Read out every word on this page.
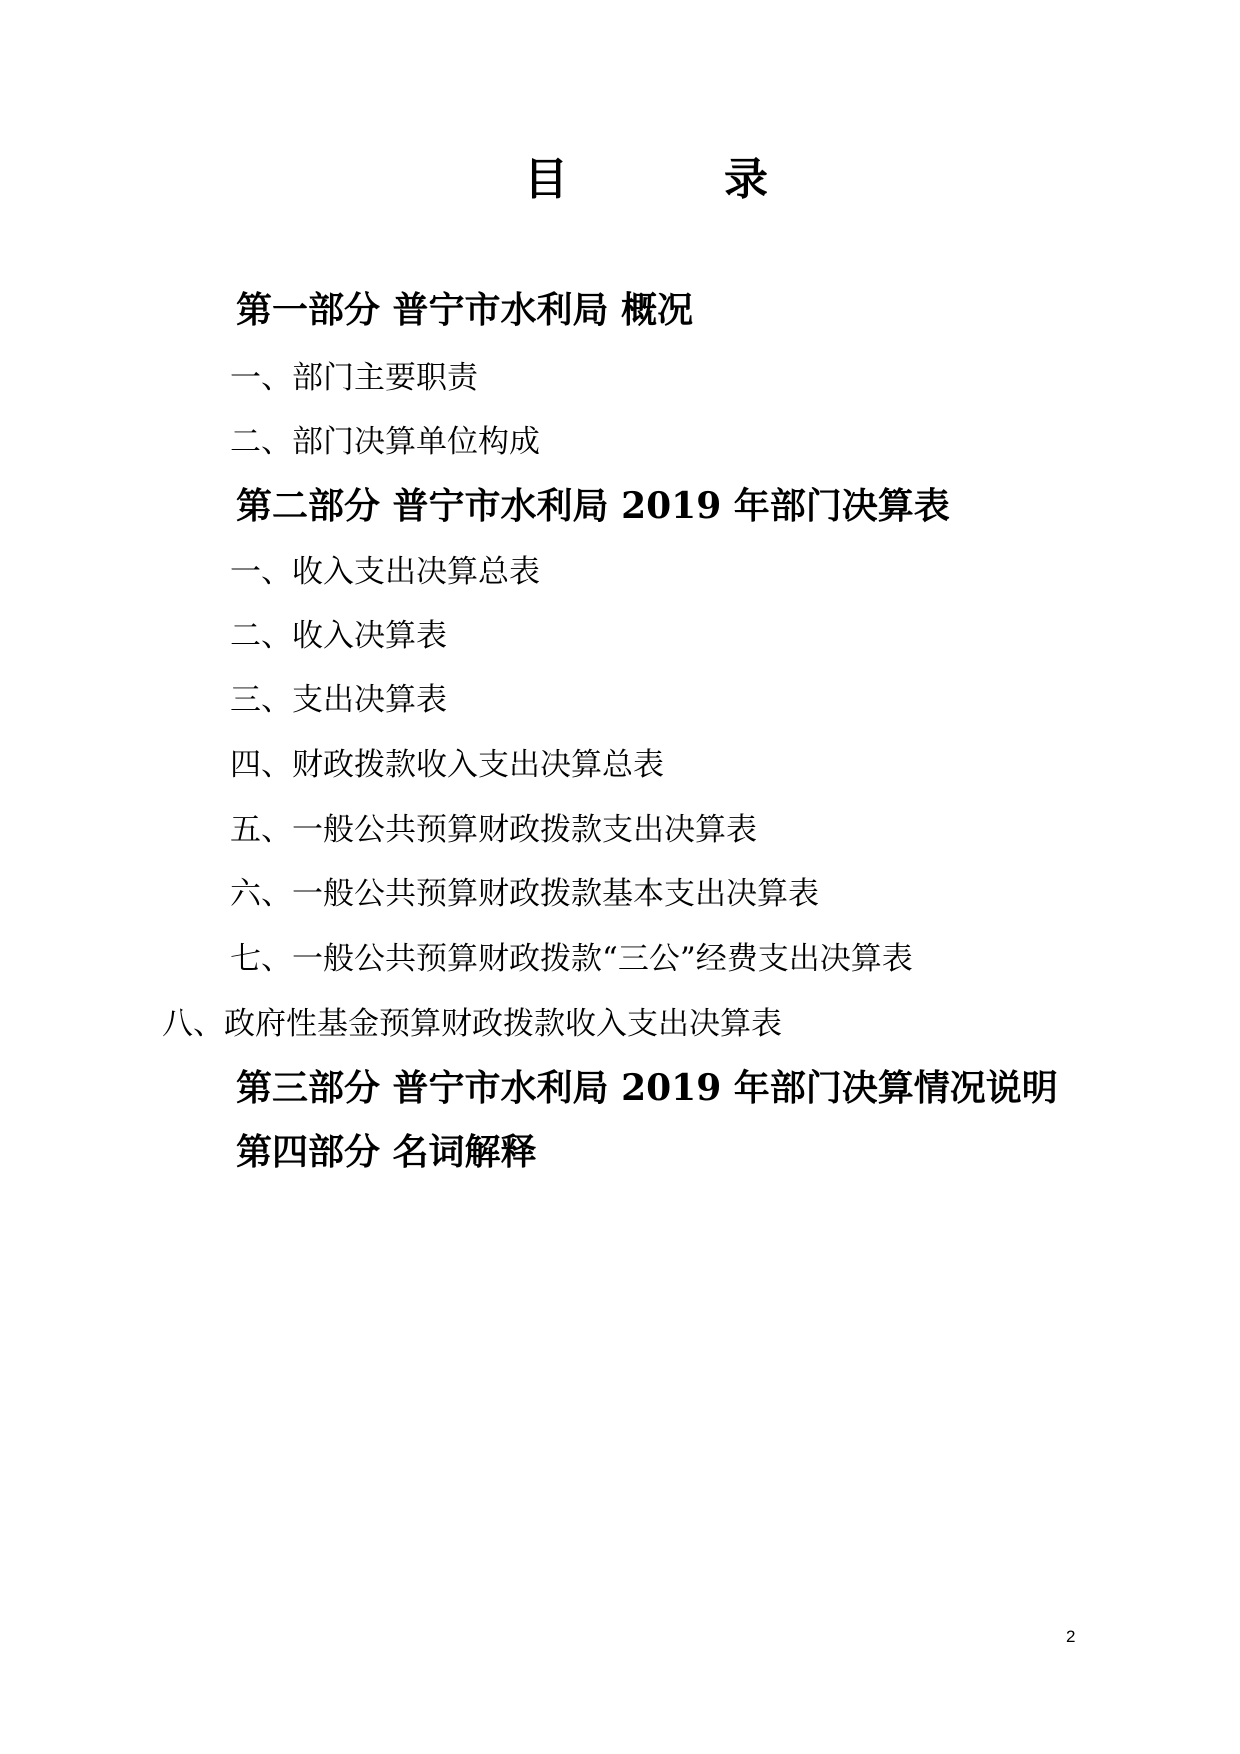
目	录
第一部分 普宁市水利局 概况
一、部门主要职责
二、部门决算单位构成
第二部分 普宁市水利局 2019 年部门决算表
一、收入支出决算总表
二、收入决算表
三、支出决算表
四、财政拨款收入支出决算总表
五、一般公共预算财政拨款支出决算表
六、一般公共预算财政拨款基本支出决算表
七、一般公共预算财政拨款“三公”经费支出决算表
八、政府性基金预算财政拨款收入支出决算表
第三部分 普宁市水利局 2019 年部门决算情况说明
第四部分 名词解释
2
